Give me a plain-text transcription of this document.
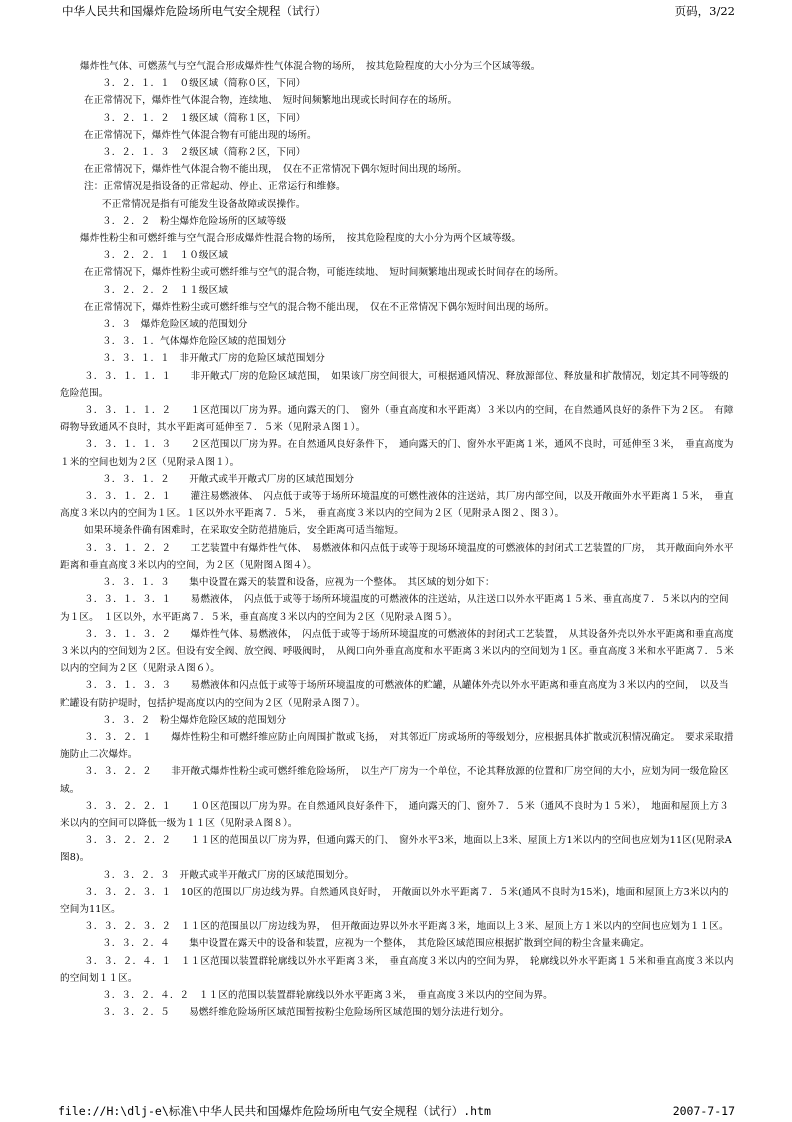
中华人民共和国爆炸危险场所电气安全规程（试行）	页码，3/22

爆炸性气体、可燃蒸气与空气混合形成爆炸性气体混合物的场所，　按其危险程度的大小分为三个区域等级。

３．２．１．１　０级区域（简称０区，下同）

在正常情况下，爆炸性气体混合物，连续地、　短时间频繁地出现或长时间存在的场所。

３．２．１．２　１级区域（简称１区，下同）

在正常情况下，爆炸性气体混合物有可能出现的场所。

３．２．１．３　２级区域（简称２区，下同）

在正常情况下，爆炸性气体混合物不能出现，　仅在不正常情况下偶尔短时间出现的场所。

注：正常情况是指设备的正常起动、停止、正常运行和维修。

不正常情况是指有可能发生设备故障或误操作。

３．２．２　粉尘爆炸危险场所的区域等级

爆炸性粉尘和可燃纤维与空气混合形成爆炸性混合物的场所，　按其危险程度的大小分为两个区域等级。

３．２．２．１　１０级区域

在正常情况下，爆炸性粉尘或可燃纤维与空气的混合物，可能连续地、　短时间频繁地出现或长时间存在的场所。

３．２．２．２　１１级区域

在正常情况下，爆炸性粉尘或可燃纤维与空气的混合物不能出现，　仅在不正常情况下偶尔短时间出现的场所。

３．３　爆炸危险区域的范围划分

３．３．１．气体爆炸危险区域的范围划分

３．３．１．１　非开敞式厂房的危险区域范围划分

３．３．１．１．１　　非开敞式厂房的危险区域范围，　如果该厂房空间很大，可根据通风情况、释放源部位、释放量和扩散情况，划定其不同等级的危险范围。

３．３．１．１．２　　１区范围以厂房为界。通向露天的门、　窗外（垂直高度和水平距离）３米以内的空间，在自然通风良好的条件下为２区。　有障碍物导致通风不良时，其水平距离可延伸至７．５米（见附录Ａ图１）。

３．３．１．１．３　　２区范围以厂房为界。在自然通风良好条件下，　通向露天的门、窗外水平距离１米，通风不良时，可延伸至３米，　垂直高度为１米的空间也划为２区（见附录Ａ图１）。

３．３．１．２　　开敞式或半开敞式厂房的区域范围划分

３．３．１．２．１　　灌注易燃液体、　闪点低于或等于场所环境温度的可燃性液体的注送站，其厂房内部空间，以及开敞面外水平距离１５米，　垂直高度３米以内的空间为１区。１区以外水平距离７．５米，　垂直高度３米以内的空间为２区（见附录Ａ图２、图３）。

如果环境条件确有困难时，在采取安全防范措施后，安全距离可适当缩短。

３．３．１．２．２　　工艺装置中有爆炸性气体、　易燃液体和闪点低于或等于现场环境温度的可燃液体的封闭式工艺装置的厂房，　其开敞面向外水平距离和垂直高度３米以内的空间，为２区（见附图Ａ图４）。

３．３．１．３　　集中设置在露天的装置和设备，应视为一个整体。　其区域的划分如下：

３．３．１．３．１　　易燃液体，　闪点低于或等于场所环境温度的可燃液体的注送站，从注送口以外水平距离１５米、垂直高度７．５米以内的空间为１区。　１区以外，水平距离７．５米，垂直高度３米以内的空间为２区（见附录Ａ图５）。

３．３．１．３．２　　爆炸性气体、易燃液体，　闪点低于或等于场所环境温度的可燃液体的封闭式工艺装置，　从其设备外壳以外水平距离和垂直高度３米以内的空间划为２区。但设有安全阀、放空阀、呼吸阀时，　从阀口向外垂直高度和水平距离３米以内的空间划为１区。垂直高度３米和水平距离７．５米以内的空间为２区（见附录Ａ图６）。

３．３．１．３．３　　易燃液体和闪点低于或等于场所环境温度的可燃液体的贮罐，从罐体外壳以外水平距离和垂直高度为３米以内的空间，　以及当贮罐设有防护堤时，包括护堤高度以内的空间为２区（见附录Ａ图７）。

３．３．２　粉尘爆炸危险区域的范围划分

３．３．２．１　　爆炸性粉尘和可燃纤维应防止向周围扩散或飞扬，　对其邻近厂房或场所的等级划分，应根据具体扩散或沉积情况确定。　要求采取措施防止二次爆炸。

３．３．２．２　　非开敞式爆炸性粉尘或可燃纤维危险场所，　以生产厂房为一个单位，不论其释放源的位置和厂房空间的大小，应划为同一级危险区域。

３．３．２．２．１　　１０区范围以厂房为界。在自然通风良好条件下，　通向露天的门、窗外７．５米（通风不良时为１５米），　地面和屋顶上方３米以内的空间可以降低一级为１１区（见附录Ａ图８）。

３．３．２．２．２　　１１区的范围虽以厂房为界，但通向露天的门、　窗外水平3米，地面以上3米、屋顶上方1米以内的空间也应划为11区(见附录A图8)。

３．３．２．３　开敞式或半开敞式厂房的区域范围划分。

３．３．２．３．１　10区的范围以厂房边线为界。自然通风良好时，　开敞面以外水平距离７．５米(通风不良时为15米)，地面和屋顶上方3米以内的空间为11区。

３．３．２．３．２　１１区的范围虽以厂房边线为界，　但开敞面边界以外水平距离３米，地面以上３米、屋顶上方１米以内的空间也应划为１１区。

３．３．２．４　　集中设置在露天中的设备和装置，应视为一个整体，　其危险区域范围应根据扩散到空间的粉尘含量来确定。

３．３．２．４．１　１１区范围以装置群轮廓线以外水平距离３米，　垂直高度３米以内的空间为界，　轮廓线以外水平距离１５米和垂直高度３米以内的空间划１１区。

３．３．２．４．２　１１区的范围以装置群轮廓线以外水平距离３米，　垂直高度３米以内的空间为界。

３．３．２．５　　易燃纤维危险场所区域范围暂按粉尘危险场所区域范围的划分法进行划分。

file://H:\dlj-e\标准\中华人民共和国爆炸危险场所电气安全规程（试行）.htm	2007-7-17
